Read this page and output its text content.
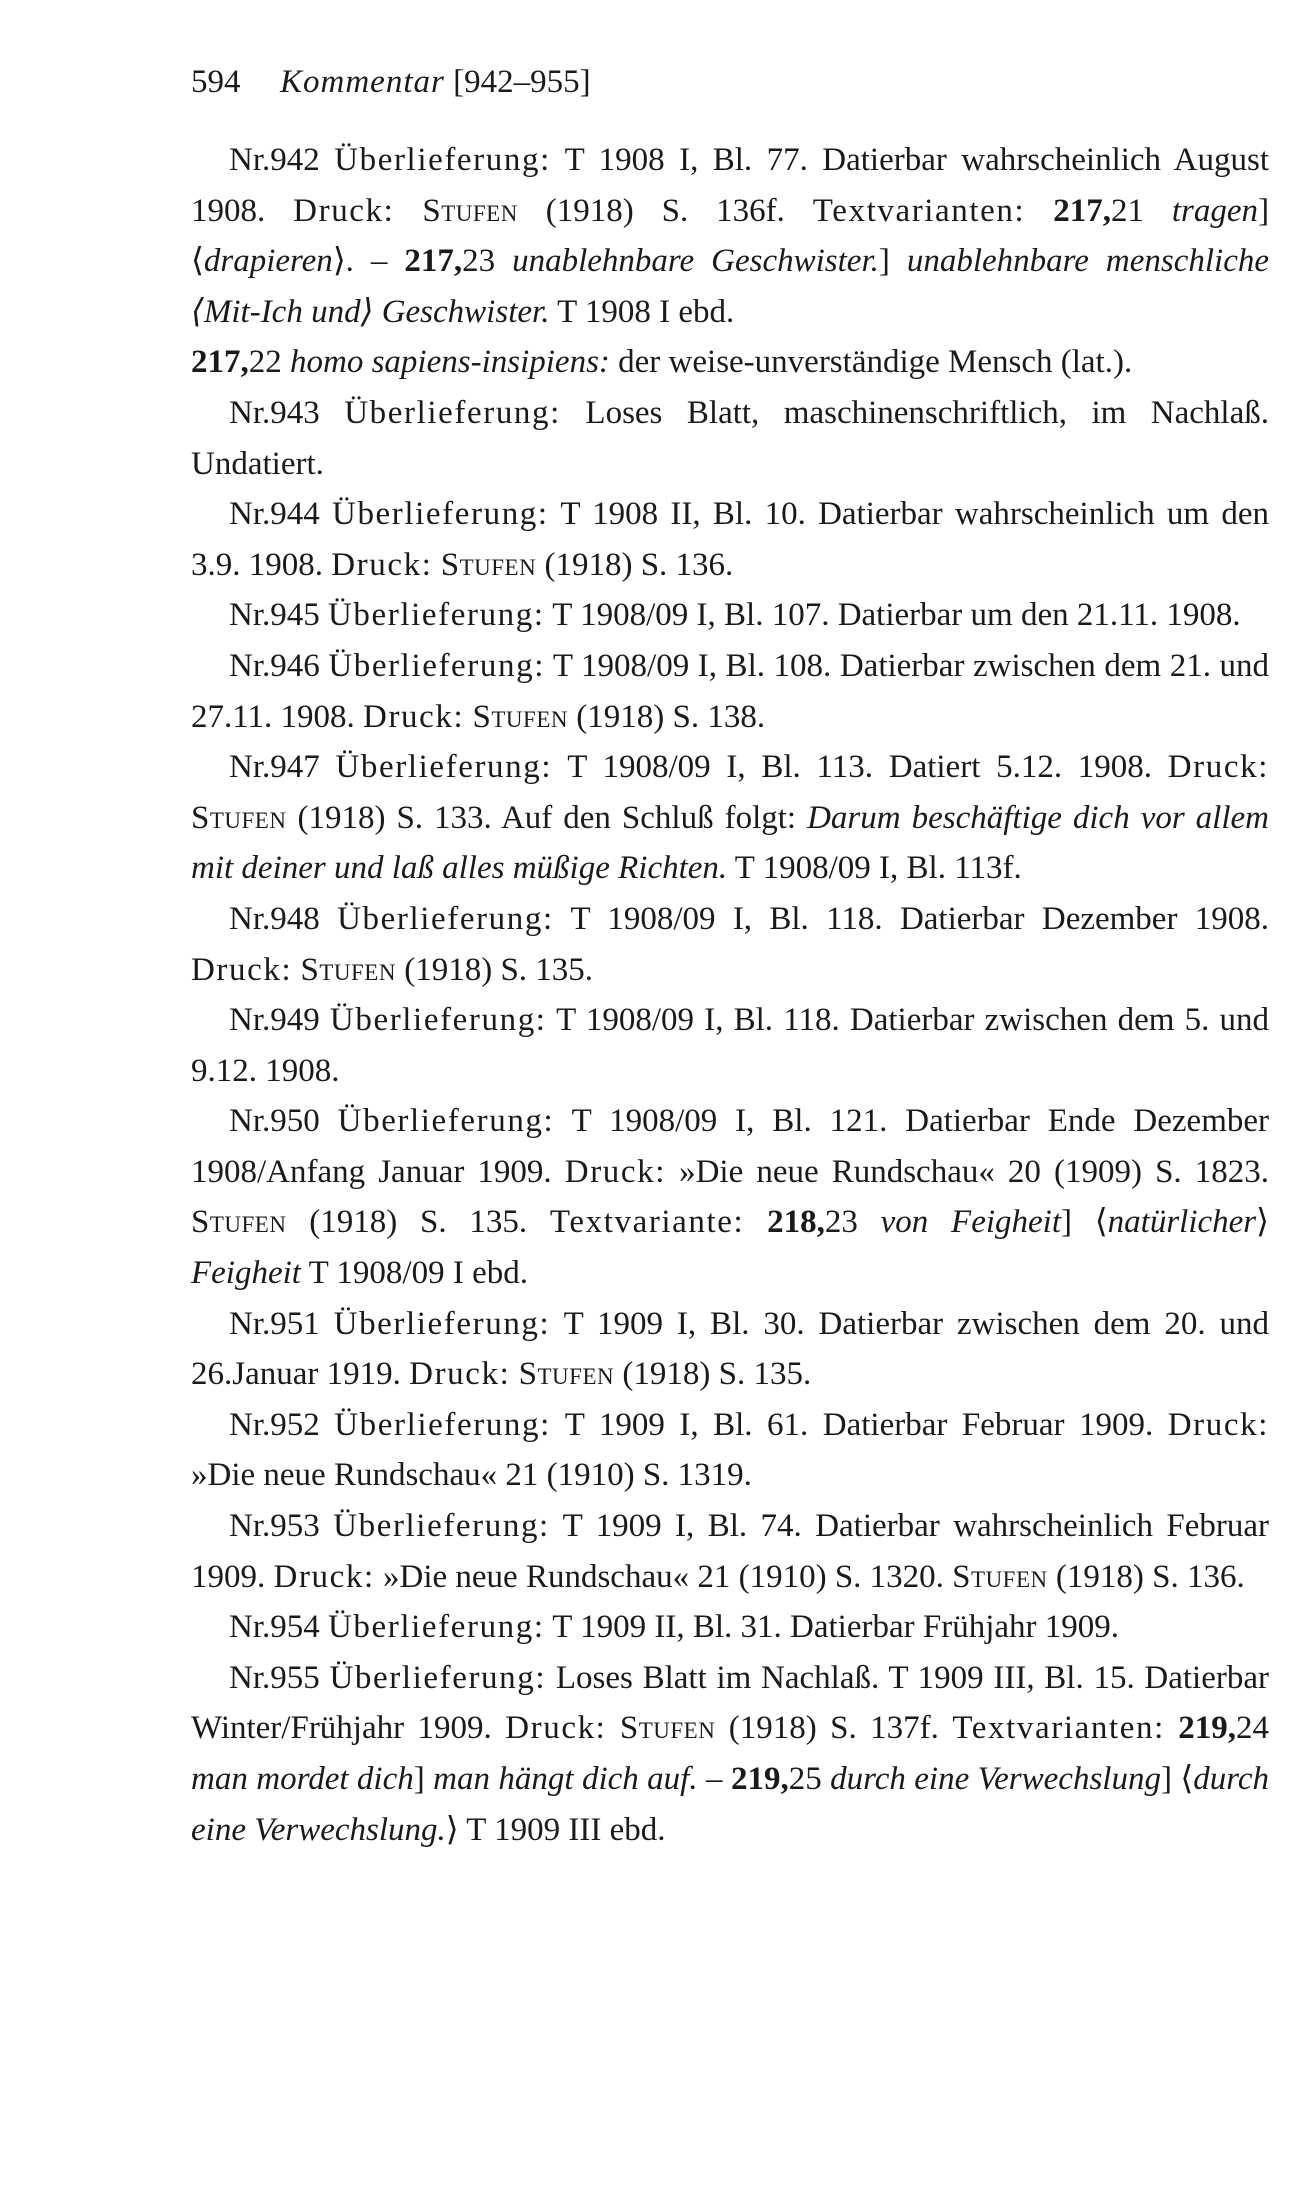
594 Kommentar [942–955]

Nr.942 Überlieferung: T 1908 I, Bl. 77. Datierbar wahrscheinlich August 1908. Druck: Stufen (1918) S. 136f. Textvarianten: 217,21 tragen] ⟨drapieren⟩. – 217,23 unablehnbare Geschwister.] unablehnbare menschliche ⟨Mit-Ich und⟩ Geschwister. T 1908 I ebd.

217,22 homo sapiens-insipiens: der weise-unverständige Mensch (lat.).

Nr.943 Überlieferung: Loses Blatt, maschinenschriftlich, im Nachlaß. Undatiert.

Nr.944 Überlieferung: T 1908 II, Bl. 10. Datierbar wahrscheinlich um den 3.9. 1908. Druck: Stufen (1918) S. 136.

Nr.945 Überlieferung: T 1908/09 I, Bl. 107. Datierbar um den 21.11. 1908.

Nr.946 Überlieferung: T 1908/09 I, Bl. 108. Datierbar zwischen dem 21. und 27.11. 1908. Druck: Stufen (1918) S. 138.

Nr.947 Überlieferung: T 1908/09 I, Bl. 113. Datiert 5.12. 1908. Druck: Stufen (1918) S. 133. Auf den Schluß folgt: Darum beschäftige dich vor allem mit deiner und laß alles müßige Richten. T 1908/09 I, Bl. 113f.

Nr.948 Überlieferung: T 1908/09 I, Bl. 118. Datierbar Dezember 1908. Druck: Stufen (1918) S. 135.

Nr.949 Überlieferung: T 1908/09 I, Bl. 118. Datierbar zwischen dem 5. und 9.12. 1908.

Nr.950 Überlieferung: T 1908/09 I, Bl. 121. Datierbar Ende Dezember 1908/Anfang Januar 1909. Druck: »Die neue Rundschau« 20 (1909) S. 1823. Stufen (1918) S. 135. Textvariante: 218,23 von Feigheit] ⟨natürlicher⟩ Feigheit T 1908/09 I ebd.

Nr.951 Überlieferung: T 1909 I, Bl. 30. Datierbar zwischen dem 20. und 26.Januar 1919. Druck: Stufen (1918) S. 135.

Nr.952 Überlieferung: T 1909 I, Bl. 61. Datierbar Februar 1909. Druck: »Die neue Rundschau« 21 (1910) S. 1319.

Nr.953 Überlieferung: T 1909 I, Bl. 74. Datierbar wahrscheinlich Februar 1909. Druck: »Die neue Rundschau« 21 (1910) S. 1320. Stufen (1918) S. 136.

Nr.954 Überlieferung: T 1909 II, Bl. 31. Datierbar Frühjahr 1909.

Nr.955 Überlieferung: Loses Blatt im Nachlaß. T 1909 III, Bl. 15. Datierbar Winter/Frühjahr 1909. Druck: Stufen (1918) S. 137f. Textvarianten: 219,24 man mordet dich] man hängt dich auf. – 219,25 durch eine Verwechslung] ⟨durch eine Verwechslung.⟩ T 1909 III ebd.
